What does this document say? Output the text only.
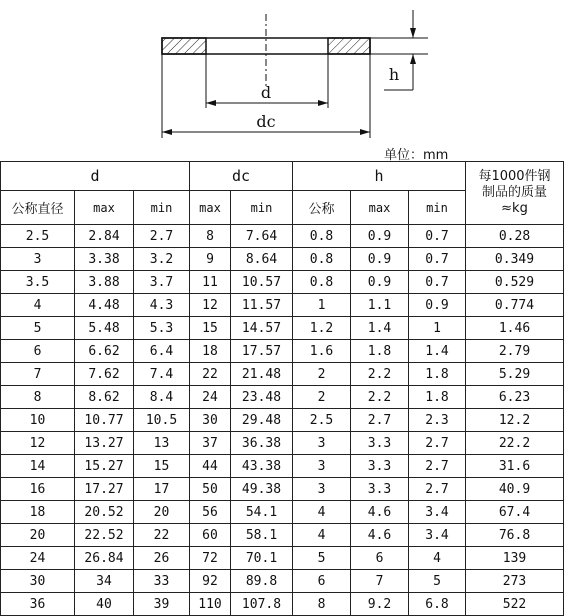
d
dc
h
单位：mm
d			dc		h			每1000件钢
制品的质量
≈kg
公称直径	max	min	max	min	公称	max	min	
2.5	2.84	2.7	8	7.64	0.8	0.9	0.7	0.28
3	3.38	3.2	9	8.64	0.8	0.9	0.7	0.349
3.5	3.88	3.7	11	10.57	0.8	0.9	0.7	0.529
4	4.48	4.3	12	11.57	1	1.1	0.9	0.774
5	5.48	5.3	15	14.57	1.2	1.4	1	1.46
6	6.62	6.4	18	17.57	1.6	1.8	1.4	2.79
7	7.62	7.4	22	21.48	2	2.2	1.8	5.29
8	8.62	8.4	24	23.48	2	2.2	1.8	6.23
10	10.77	10.5	30	29.48	2.5	2.7	2.3	12.2
12	13.27	13	37	36.38	3	3.3	2.7	22.2
14	15.27	15	44	43.38	3	3.3	2.7	31.6
16	17.27	17	50	49.38	3	3.3	2.7	40.9
18	20.52	20	56	54.1	4	4.6	3.4	67.4
20	22.52	22	60	58.1	4	4.6	3.4	76.8
24	26.84	26	72	70.1	5	6	4	139
30	34	33	92	89.8	6	7	5	273
36	40	39	110	107.8	8	9.2	6.8	522
